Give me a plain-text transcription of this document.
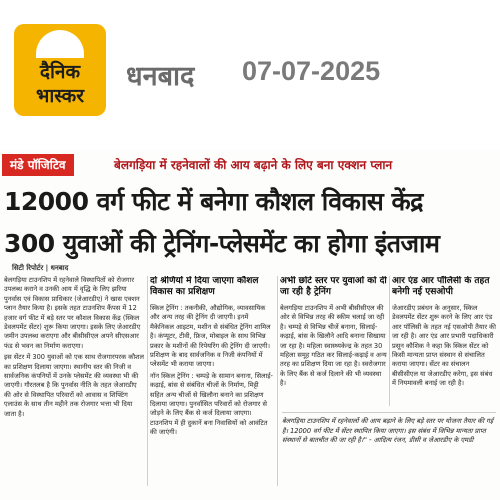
दैनिक
भास्कर
धनबाद 07-07-2025
मंडे पॉजिटिव	बेलगड़िया में रहनेवालों की आय बढ़ाने के लिए बना एक्शन प्लान
12000 वर्ग फीट में बनेगा कौशल विकास केंद्र
300 युवाओं की ट्रेनिंग-प्लेसमेंट का होगा इंतजाम
सिटी रिपोर्टर | धनबाद

बेलगड़िया टाउनशिप में रहनेवाले विस्थापितों को रोजगार उपलब्ध कराने व उनकी आय में वृद्धि के लिए झरिया पुनर्वास एवं विकास प्राधिकार (जेआरडीए) ने खास एक्शन प्लान तैयार किया है। इसके तहत टाउनशिप कैंपस में 12 हजार वर्ग फीट में बड़े स्तर पर कौशल विकास केंद्र (स्किल डेवलपमेंट सेंटर) शुरू किया जाएगा। इसके लिए जेआरडीए जमीन उपलब्ध कराएगा और बीसीसीएल अपने सीएसआर फंड से भवन का निर्माण कराएगा।

इस सेंटर में 300 युवाओं को एक साथ रोजगारपरक कौशल का प्रशिक्षण दिलाया जाएगा। स्थानीय स्तर की निजी व सार्वजनिक कंपनियों में उनके प्लेसमेंट की व्यवस्था भी की जाएगी। गौरतलब है कि पुनर्वास नीति के तहत जेआरडीए की ओर से विस्थापित परिवारों को आवास व शिफ्टिंग एलाउंस के साथ तीन महीने तक रोजगार भत्ता भी दिया जाता है।

दो श्रेणियों में दिया जाएगा कौशल विकास का प्रशिक्षण

स्किल ट्रेनिंग : तकनीकी, औद्योगिक, व्यावसायिक और अन्य तरह की ट्रेनिंग दी जाएगी। इनमें मैकेनिकल आइटम, मशीन से संबंधित ट्रेनिंग शामिल है। कंप्यूटर, टीवी, फ्रिज, मोबाइल के साथ विभिन्न प्रकार के मशीनों की रिपेयरिंग की ट्रेनिंग दी जाएगी। प्रशिक्षण के बाद सार्वजनिक व निजी कंपनियों में प्लेसमेंट भी कराया जाएगा।

नॉन स्किल ट्रेनिंग : चम्पड़े के सामान बनाना, सिलाई-कढ़ाई, बांस से संबंधित चीजों के निर्माण, मिट्टी सहित अन्य चीजों से खिलौना बनाने का प्रशिक्षण दिलाया जाएगा। पुनर्वासित परिवारों को रोजगार से जोड़ने के लिए बैंक से कर्ज दिलाया जाएगा। टाउनशिप में ही दुकानें बना निवासियों को आवंटित की जाएंगी।

अभी छोटे स्तर पर युवाओं को दी जा रही है ट्रेनिंग

बेलगड़िया टाउनशिप में अभी बीसीसीएल की ओर से विभिन्न तरह की स्कीम चलाई जा रही है। चम्पड़े से विभिन्न चीजें बनाना, सिलाई-कढ़ाई, बांस के खिलौने आदि बनाना सिखाया जा रहा है। महिला स्वास्थ्यकेन्द्र के तहत 30 महिला समूह गठित कर सिलाई-कढ़ाई व अन्य तरह का प्रशिक्षण दिया जा रहा है। स्वरोजगार के लिए बैंक से कर्ज दिलाने की भी व्यवस्था है।

आर एंड आर पॉलिसी के तहत बनेगी नई एसओपी

जेआरडीए प्रबंधन के अनुसार, स्किल डेवलपमेंट सेंटर शुरू करने के लिए आर एंड आर पॉलिसी के तहत नई एसओपी तैयार की जा रही है। आर एंड आर प्रभारी पदाधिकारी प्रसून कौशिक ने कहा कि स्किल सेंटर को किसी मान्यता प्राप्त संस्थान से संचालित कराया जाएगा। सेंटर का संचालन बीसीसीएल या जेआरडीए करेगा, इस संबंध में नियमावली बनाई जा रही है।

बेलगड़िया टाउनशिप में रहनेवालों की आय बढ़ाने के लिए बड़े स्तर पर योजना तैयार की गई है। 12000 वर्ग फीट में सेंटर स्थापित किया जाएगा। इस संबंध में विभिन्न मान्यता प्राप्त संस्थानों से बातचीत की जा रही है।'' - आदित्य रंजन, डीसी व जेआरडीए के एमडी
